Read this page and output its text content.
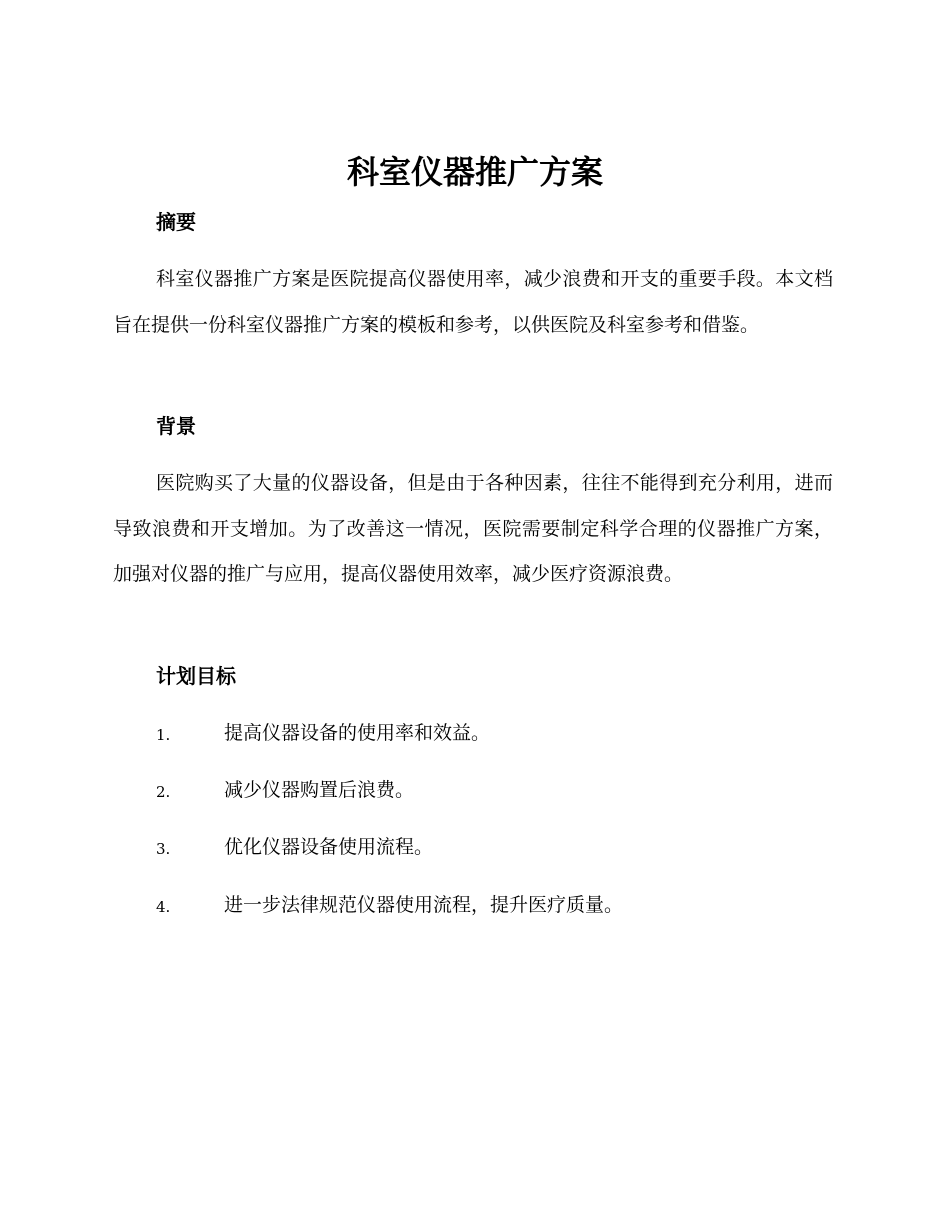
科室仪器推广方案
摘要

科室仪器推广方案是医院提高仪器使用率，减少浪费和开支的重要手段。本文档旨在提供一份科室仪器推广方案的模板和参考，以供医院及科室参考和借鉴。

背景

医院购买了大量的仪器设备，但是由于各种因素，往往不能得到充分利用，进而导致浪费和开支增加。为了改善这一情况，医院需要制定科学合理的仪器推广方案，加强对仪器的推广与应用，提高仪器使用效率，减少医疗资源浪费。

计划目标
1.	提高仪器设备的使用率和效益。
2.	减少仪器购置后浪费。
3.	优化仪器设备使用流程。
4.	进一步法律规范仪器使用流程，提升医疗质量。
